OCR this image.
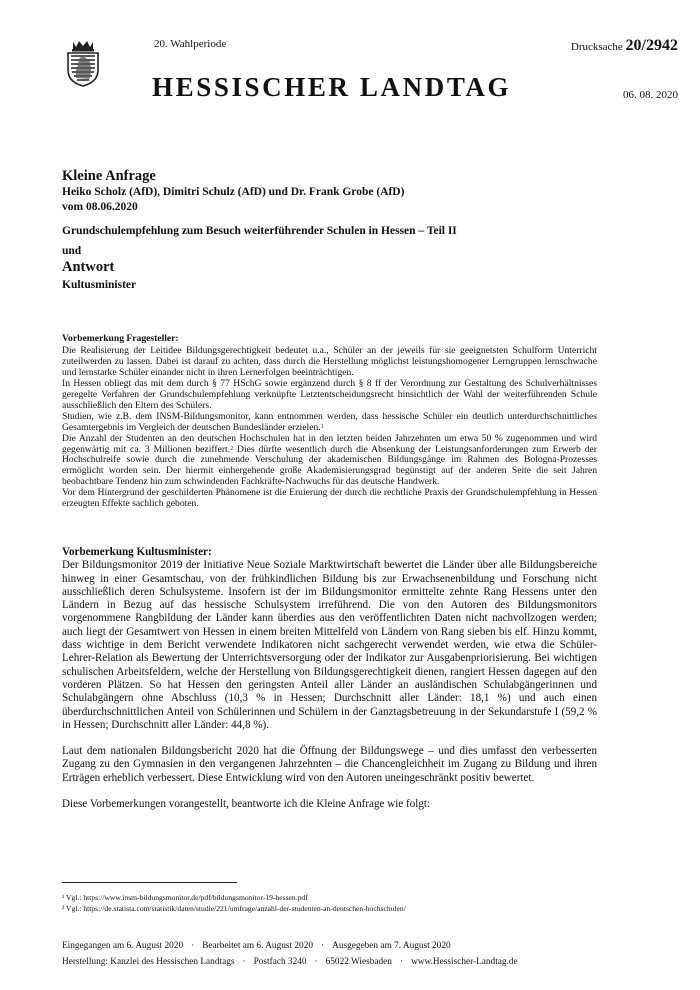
20. Wahlperiode	Drucksache 20/2942
HESSISCHER LANDTAG	06. 08. 2020
Kleine Anfrage
Heiko Scholz (AfD), Dimitri Schulz (AfD) und Dr. Frank Grobe (AfD)
vom 08.06.2020
Grundschulempfehlung zum Besuch weiterführender Schulen in Hessen – Teil II
und
Antwort
Kultusminister
Vorbemerkung Fragesteller:

Die Realisierung der Leitidee Bildungsgerechtigkeit bedeutet u.a., Schüler an der jeweils für sie geeignetsten Schulform Unterricht zuteilwerden zu lassen. Dabei ist darauf zu achten, dass durch die Herstellung möglichst leistungshomogener Lerngruppen lernschwache und lernstarke Schüler einander nicht in ihren Lernerfolgen beeinträchtigen.

In Hessen obliegt das mit dem durch § 77 HSchG sowie ergänzend durch § 8 ff der Verordnung zur Gestaltung des Schulverhältnisses geregelte Verfahren der Grundschulempfehlung verknüpfte Letztentscheidungsrecht hinsichtlich der Wahl der weiterführenden Schule ausschließlich den Eltern des Schülers.

Studien, wie z.B. dem INSM-Bildungsmonitor, kann entnommen werden, dass hessische Schüler ein deutlich unterdurchschnittliches Gesamtergebnis im Vergleich der deutschen Bundesländer erzielen.$^1$

Die Anzahl der Studenten an den deutschen Hochschulen hat in den letzten beiden Jahrzehnten um etwa 50 % zugenommen und wird gegenwärtig mit ca. 3 Millionen beziffert.$^2$ Dies dürfte wesentlich durch die Absenkung der Leistungsanforderungen zum Erwerb der Hochschulreife sowie durch die zunehmende Verschulung der akademischen Bildungsgänge im Rahmen des Bologna-Prozesses ermöglicht worden sein. Der hiermit einhergehende große Akademisierungsgrad begünstigt auf der anderen Seite die seit Jahren beobachtbare Tendenz hin zum schwindenden Fachkräfte-Nachwuchs für das deutsche Handwerk.

Vor dem Hintergrund der geschilderten Phänomene ist die Eruierung der durch die rechtliche Praxis der Grundschulempfehlung in Hessen erzeugten Effekte sachlich geboten.

Vorbemerkung Kultusminister:

Der Bildungsmonitor 2019 der Initiative Neue Soziale Marktwirtschaft bewertet die Länder über alle Bildungsbereiche hinweg in einer Gesamtschau, von der frühkindlichen Bildung bis zur Erwachsenenbildung und Forschung nicht ausschließlich deren Schulsysteme. Insofern ist der im Bildungsmonitor ermittelte zehnte Rang Hessens unter den Ländern in Bezug auf das hessische Schulsystem irreführend. Die von den Autoren des Bildungsmonitors vorgenommene Rangbildung der Länder kann überdies aus den veröffentlichten Daten nicht nachvollzogen werden; auch liegt der Gesamtwert von Hessen in einem breiten Mittelfeld von Ländern von Rang sieben bis elf. Hinzu kommt, dass wichtige in dem Bericht verwendete Indikatoren nicht sachgerecht verwendet werden, wie etwa die Schüler-Lehrer-Relation als Bewertung der Unterrichtsversorgung oder der Indikator zur Ausgabenpriorisierung. Bei wichtigen schulischen Arbeitsfeldern, welche der Herstellung von Bildungsgerechtigkeit dienen, rangiert Hessen dagegen auf den vorderen Plätzen. So hat Hessen den geringsten Anteil aller Länder an ausländischen Schulabgängerinnen und Schulabgängern ohne Abschluss (10,3 % in Hessen; Durchschnitt aller Länder: 18,1 %) und auch einen überdurchschnittlichen Anteil von Schülerinnen und Schülern in der Ganztagsbetreuung in der Sekundarstufe I (59,2 % in Hessen; Durchschnitt aller Länder: 44,8 %).

Laut dem nationalen Bildungsbericht 2020 hat die Öffnung der Bildungswege – und dies umfasst den verbesserten Zugang zu den Gymnasien in den vergangenen Jahrzehnten – die Chancengleichheit im Zugang zu Bildung und ihren Erträgen erheblich verbessert. Diese Entwicklung wird von den Autoren uneingeschränkt positiv bewertet.

Diese Vorbemerkungen vorangestellt, beantworte ich die Kleine Anfrage wie folgt:

¹ Vgl.: https://www.insm-bildungsmonitor.de/pdf/bildungsmonitor-19-hessen.pdf
² Vgl.: https://de.statista.com/statistik/daten/studie/221/umfrage/anzahl-der-studenten-an-deutschen-hochschulen/
Eingegangen am 6. August 2020 · Bearbeitet am 6. August 2020 · Ausgegeben am 7. August 2020
Herstellung: Kanzlei des Hessischen Landtags · Postfach 3240 · 65022 Wiesbaden · www.Hessischer-Landtag.de
